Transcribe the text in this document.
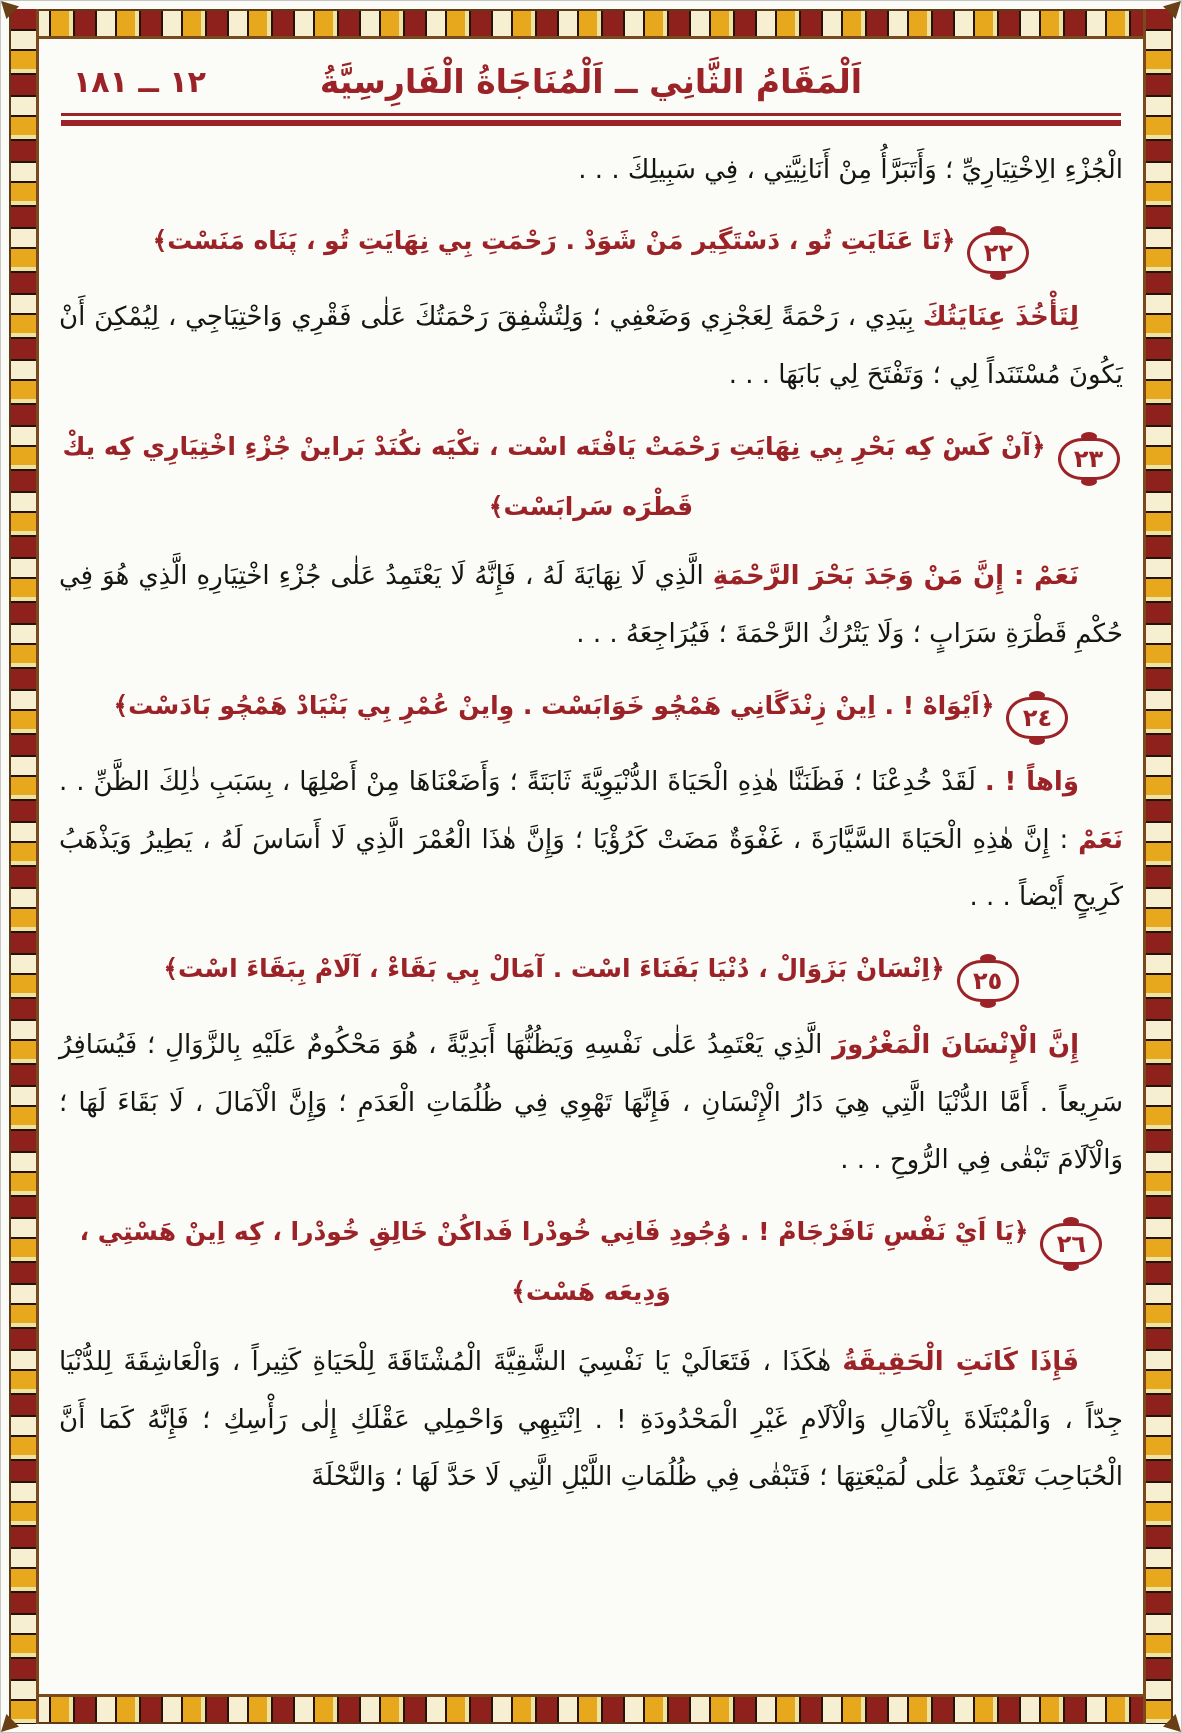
١٢ ــ ١٨١	اَلْمَقَامُ الثَّانِي ــ اَلْمُنَاجَاةُ الْفَارِسِيَّةُ

الْجُزْءِ الِاخْتِيَارِيِّ ؛ وَأَتَبَرَّأُ مِنْ أَنَانِيَّتِي ، فِي سَبِيلِكَ . . .

٢٢﴿تَا عَنَايَتِ تُو ، دَسْتَگِير مَنْ شَوَدْ . رَحْمَتِ بِي نِهَايَتِ تُو ، پَنَاه مَنَسْت﴾

لِتَأْخُذَ عِنَايَتُكَ بِيَدِي ، رَحْمَةً لِعَجْزِي وَضَعْفِي ؛ وَلِتُشْفِقَ رَحْمَتُكَ عَلٰى فَقْرِي وَاحْتِيَاجِي ، لِيُمْكِنَ أَنْ يَكُونَ مُسْتَنَداً لِي ؛ وَتَفْتَحَ لِي بَابَهَا . . .

٢٣﴿آنْ كَسْ كِه بَحْرِ بِي نِهَايَتِ رَحْمَتْ يَافْتَه اسْت ، تكْيَه نكُنَدْ بَراينْ جُزْءِ اخْتِيَارِي كِه يكْ قَطْرَه سَرابَسْت﴾

نَعَمْ : إِنَّ مَنْ وَجَدَ بَحْرَ الرَّحْمَةِ الَّذِي لَا نِهَايَةَ لَهُ ، فَإِنَّهُ لَا يَعْتَمِدُ عَلٰى جُزْءِ اخْتِيَارِهِ الَّذِي هُوَ فِي حُكْمِ قَطْرَةِ سَرَابٍ ؛ وَلَا يَتْرُكُ الرَّحْمَةَ ؛ فَيُرَاجِعَهُ . . .

٢٤﴿اَيْوَاهْ ! . اِينْ زِنْدَگَانِي هَمْچُو خَوَابَسْت . وِاينْ عُمْرِ بِي بَنْيَادْ هَمْچُو بَادَسْت﴾

وَاهاً ! . لَقَدْ خُدِعْنَا ؛ فَظَنَنَّا هٰذِهِ الْحَيَاةَ الدُّنْيَوِيَّةَ ثَابَتَةً ؛ وَأَضَعْنَاهَا مِنْ أَصْلِهَا ، بِسَبَبِ ذٰلِكَ الظَّنِّ . . نَعَمْ : إِنَّ هٰذِهِ الْحَيَاةَ السَّيَّارَةَ ، غَفْوَةٌ مَضَتْ كَرُؤْيَا ؛ وَإِنَّ هٰذَا الْعُمْرَ الَّذِي لَا أَسَاسَ لَهُ ، يَطِيرُ وَيَذْهَبُ كَرِيحٍ أَيْضاً . . .

٢٥﴿اِنْسَانْ بَزَوَالْ ، دُنْيَا بَفَنَاءَ اسْت . آمَالْ بِي بَقَاءْ ، آلَامْ بِبَقَاءَ اسْت﴾

إِنَّ الْإِنْسَانَ الْمَغْرُورَ الَّذِي يَعْتَمِدُ عَلٰى نَفْسِهِ وَيَظُنُّهَا أَبَدِيَّةً ، هُوَ مَحْكُومٌ عَلَيْهِ بِالزَّوَالِ ؛ فَيُسَافِرُ سَرِيعاً . أَمَّا الدُّنْيَا الَّتِي هِيَ دَارُ الْإِنْسَانِ ، فَإِنَّهَا تَهْوِي فِي ظُلُمَاتِ الْعَدَمِ ؛ وَإِنَّ الْآمَالَ ، لَا بَقَاءَ لَهَا ؛ وَالْآلَامَ تَبْقٰى فِي الرُّوحِ . . .

٢٦﴿يَا اَيْ نَفْسِ نَافَرْجَامْ ! . وُجُودِ فَانِي خُودْرا فَداكُنْ خَالِقِ خُودْرا ، كِه اِينْ هَسْتِي ، وَدِيعَه هَسْت﴾

فَإِذَا كَانَتِ الْحَقِيقَةُ هٰكَذَا ، فَتَعَالَيْ يَا نَفْسِيَ الشَّقِيَّةَ الْمُشْتَاقَةَ لِلْحَيَاةِ كَثِيراً ، وَالْعَاشِقَةَ لِلدُّنْيَا جِدّاً ، وَالْمُبْتَلَاةَ بِالْآمَالِ وَالْآلَامِ غَيْرِ الْمَحْدُودَةِ ! . اِنْتَبِهِي وَاحْمِلِي عَقْلَكِ إِلٰى رَأْسِكِ ؛ فَإِنَّهُ كَمَا أَنَّ الْحُبَاحِبَ تَعْتَمِدُ عَلٰى لُمَيْعَتِهَا ؛ فَتَبْقٰى فِي ظُلُمَاتِ اللَّيْلِ الَّتِي لَا حَدَّ لَهَا ؛ وَالنَّحْلَةَ
